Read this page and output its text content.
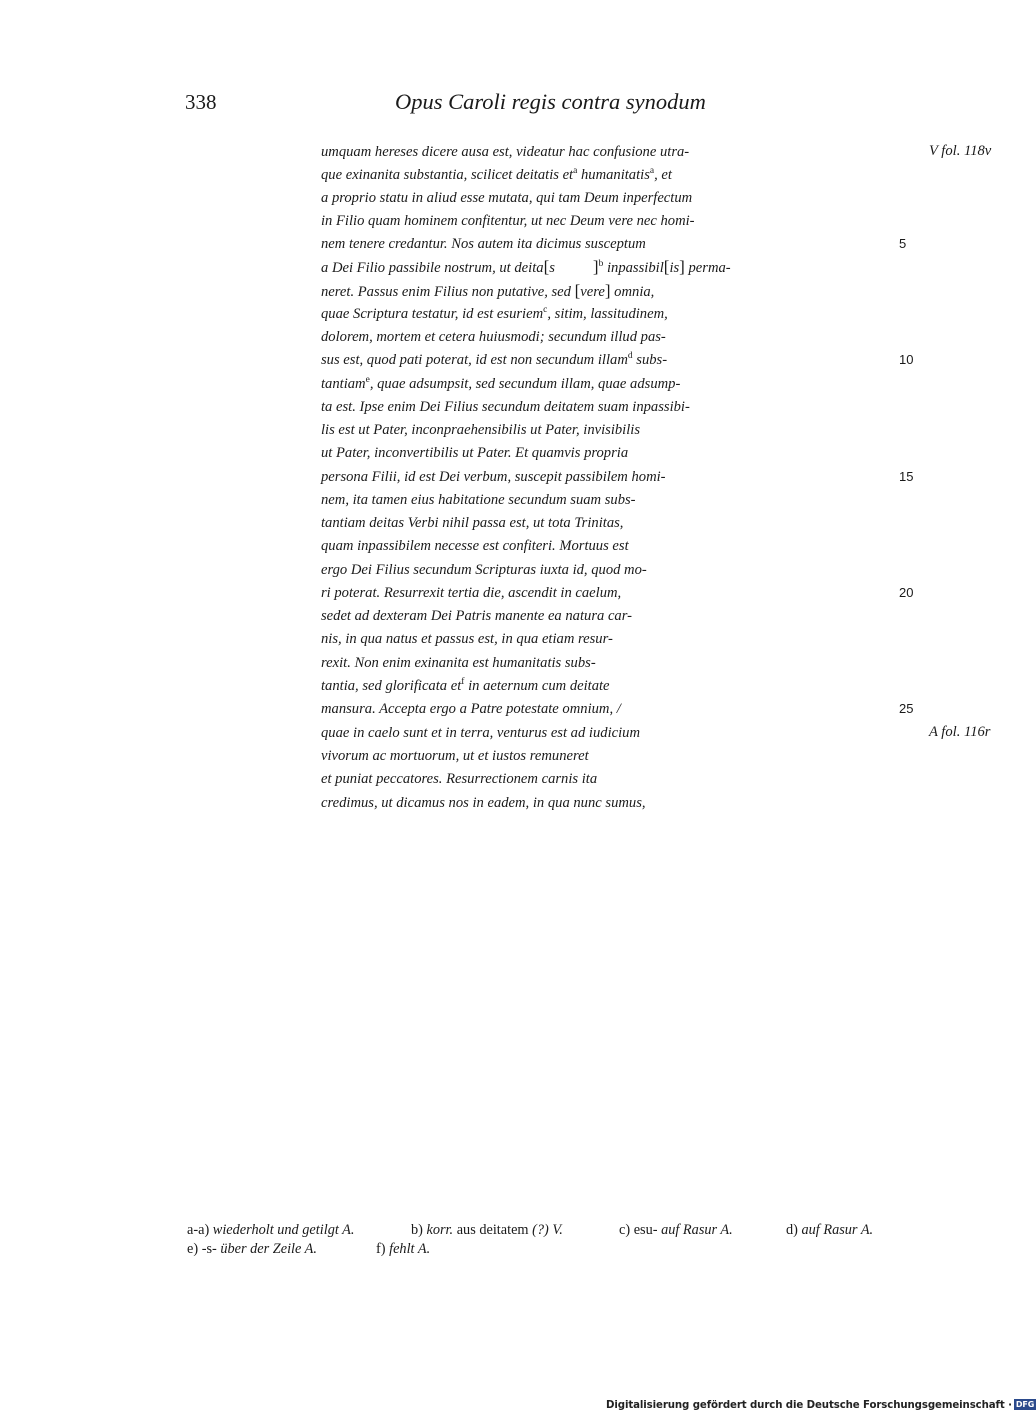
338	Opus Caroli regis contra synodum
umquam hereses dicere ausa est, videatur hac confusione utra-
que exinanita substantia, scilicet deitatis $et^a$ humanitatis$^a$, et
a proprio statu in aliud esse mutata, qui tam Deum inperfectum
in Filio quam hominem confitentur, ut nec Deum vere nec homi-
nem tenere credantur. Nos autem ita dicimus susceptum
a Dei Filio passibile nostrum, ut deita[s ]$^b$ inpassibil[is] perma-
neret. Passus enim Filius non putative, sed [vere] omnia,
quae Scriptura testatur, id est esuriem$^c$, sitim, lassitudinem,
dolorem, mortem et cetera huiusmodi; secundum illud pas-
sus est, quod pati poterat, id est non secundum illam$^d$ subs-
tantiam$^e$, quae adsumpsit, sed secundum illam, quae adsump-
ta est. Ipse enim Dei Filius secundum deitatem suam inpassibi-
lis est ut Pater, inconpraehensibilis ut Pater, invisibilis
ut Pater, inconvertibilis ut Pater. Et quamvis propria
persona Filii, id est Dei verbum, suscepit passibilem homi-
nem, ita tamen eius habitatione secundum suam subs-
tantiam deitas Verbi nihil passa est, ut tota Trinitas,
quam inpassibilem necesse est confiteri. Mortuus est
ergo Dei Filius secundum Scripturas iuxta id, quod mo-
ri poterat. Resurrexit tertia die, ascendit in caelum,
sedet ad dexteram Dei Patris manente ea natura car-
nis, in qua natus et passus est, in qua etiam resur-
rexit. Non enim exinanita est humanitatis subs-
tantia, sed glorificata $et^f$ in aeternum cum deitate
mansura. Accepta ergo a Patre potestate omnium, /
quae in caelo sunt et in terra, venturus est ad iudicium
vivorum ac mortuorum, ut et iustos remuneret
et puniat peccatores. Resurrectionem carnis ita
credimus, ut dicamus nos in eadem, in qua nunc sumus,
5
10
15
20
25
V fol. 118v
A fol. 116r
a-a) wiederholt und getilgt A.	b) korr. aus deitatem (?) V.	c) esu- auf Rasur A.	d) auf Rasur A.
e) -s- über der Zeile A.	f) fehlt A.
Digitalisierung gefördert durch die Deutsche Forschungsgemeinschaft · DFG
